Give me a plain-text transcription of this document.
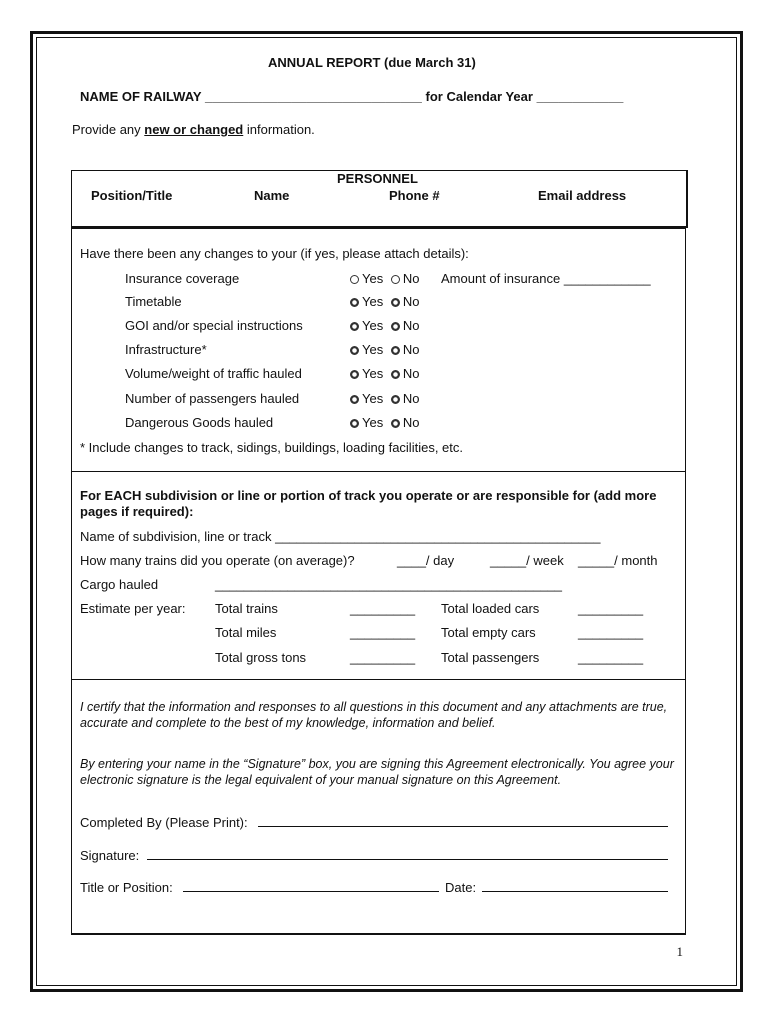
ANNUAL REPORT (due March 31)
NAME OF RAILWAY ______________________________ for Calendar Year ____________
Provide any new or changed information.
PERSONNEL
Position/Title	Name	Phone #	Email address
Have there been any changes to your (if yes, please attach details):
Insurance coverage	Yes No Amount of insurance ____________
Timetable	Yes No
GOI and/or special instructions	Yes No
Infrastructure*	Yes No
Volume/weight of traffic hauled	Yes No
Number of passengers hauled	Yes No
Dangerous Goods hauled	Yes No
* Include changes to track, sidings, buildings, loading facilities, etc.
For EACH subdivision or line or portion of track you operate or are responsible for (add more pages if required):
Name of subdivision, line or track _____________________________________________
How many trains did you operate (on average)?	____/ day	_____/ week _____/ month
Cargo hauled	________________________________________________
Estimate per year: Total trains	_________ Total loaded cars	_________
Total miles	_________ Total empty cars	_________
Total gross tons	_________ Total passengers	_________
I certify that the information and responses to all questions in this document and any attachments are true, accurate and complete to the best of my knowledge, information and belief.
By entering your name in the “Signature” box, you are signing this Agreement electronically. You agree your electronic signature is the legal equivalent of your manual signature on this Agreement.
Completed By (Please Print):
Signature:
Title or Position:	Date:
1
